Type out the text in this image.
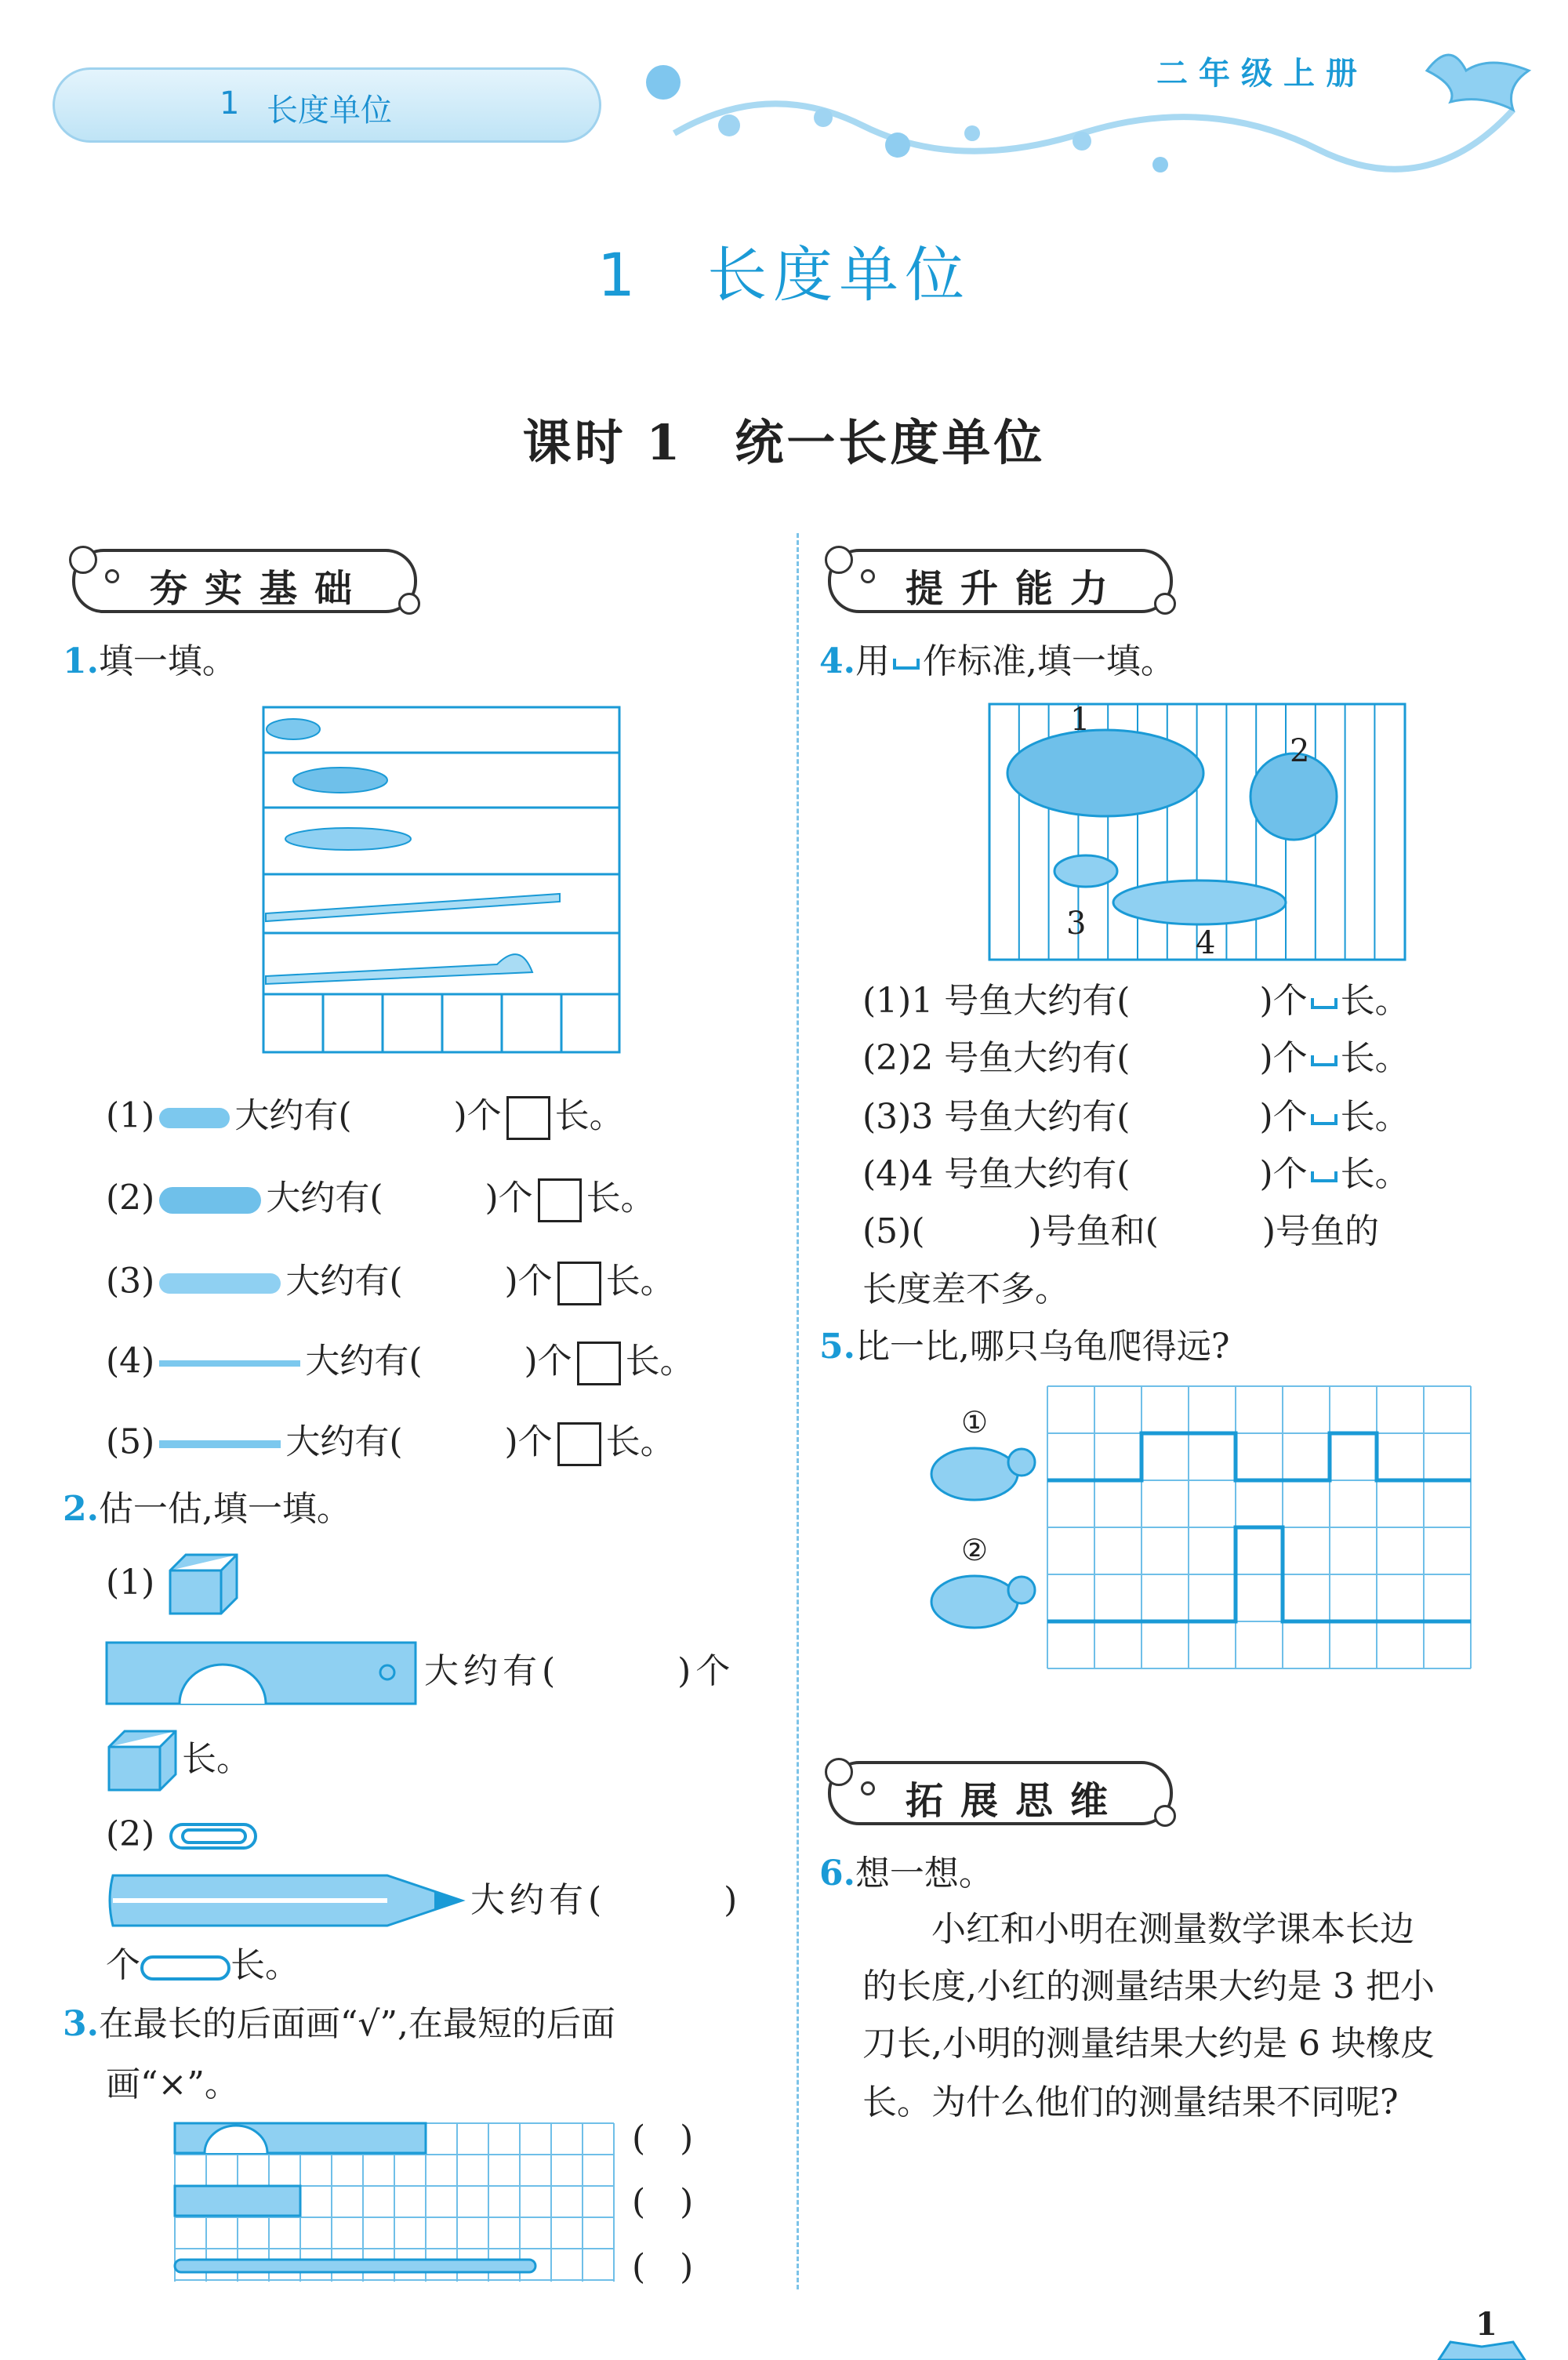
1 长度单位
二年级上册
1　 长度单位
课时 1　统一长度单位
夯实基础	提升能力
拓展思维
1.填一填。
(1) 大约有(	)个 长。
(2)	大约有(	)个 长。
(3)	大约有(	)个 长。
(4)	大约有(	)个 长。
(5)	大约有(	)个 长。
2.估一估,填一填。
(1)
大约有(　　　)个
长。
(2)
大约有(　　　)
个	长。
3.在最长的后面画“√”,在最短的后面
画“×”。
(　)
(　)
(　)
4.用 作标准,填一填。
1
2
3
4
(1)1 号鱼大约有(	)个 长。
(2)2 号鱼大约有(	)个 长。
(3)3 号鱼大约有(	)个 长。
(4)4 号鱼大约有(	)个 长。
(5)(　　　)号鱼和(　　　)号鱼的
长度差不多。
5.比一比,哪只乌龟爬得远?
①
②
6.想一想。
　　小红和小明在测量数学课本长边
的长度,小红的测量结果大约是 3 把小
刀长,小明的测量结果大约是 6 块橡皮
长。为什么他们的测量结果不同呢?
1
